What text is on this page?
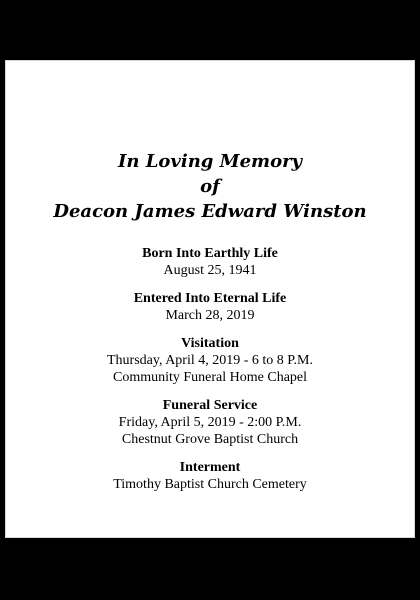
In Loving Memory
of
Deacon James Edward Winston
Born Into Earthly Life
August 25, 1941
Entered Into Eternal Life
March 28, 2019
Visitation
Thursday, April 4, 2019 - 6 to 8 P.M.
Community Funeral Home Chapel
Funeral Service
Friday, April 5, 2019 - 2:00 P.M.
Chestnut Grove Baptist Church
Interment
Timothy Baptist Church Cemetery
